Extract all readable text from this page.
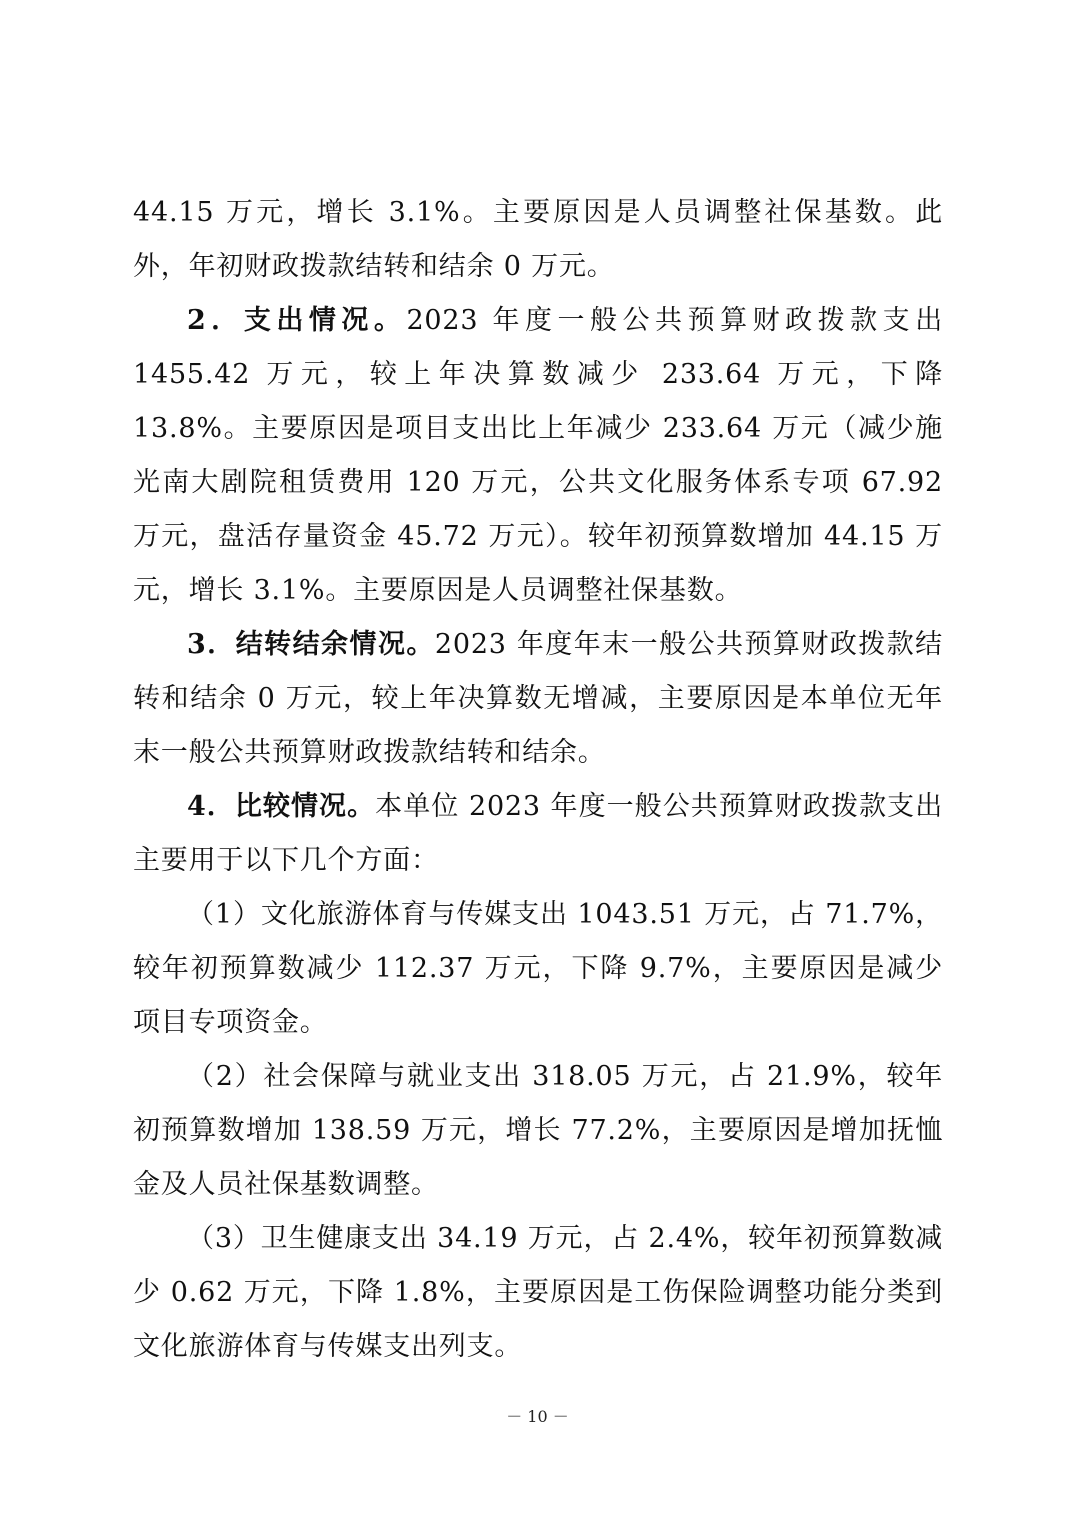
44.15 万元，增长 3.1%。主要原因是人员调整社保基数。此外，年初财政拨款结转和结余 0 万元。

2．支出情况。2023 年度一般公共预算财政拨款支出 1455.42 万元，较上年决算数减少 233.64 万元，下降 13.8%。主要原因是项目支出比上年减少 233.64 万元（减少施光南大剧院租赁费用 120 万元，公共文化服务体系专项 67.92 万元，盘活存量资金 45.72 万元）。较年初预算数增加 44.15 万元，增长 3.1%。主要原因是人员调整社保基数。

3．结转结余情况。2023 年度年末一般公共预算财政拨款结转和结余 0 万元，较上年决算数无增减，主要原因是本单位无年末一般公共预算财政拨款结转和结余。

4．比较情况。本单位 2023 年度一般公共预算财政拨款支出主要用于以下几个方面：

（1）文化旅游体育与传媒支出 1043.51 万元，占 71.7%，较年初预算数减少 112.37 万元，下降 9.7%，主要原因是减少项目专项资金。

（2）社会保障与就业支出 318.05 万元，占 21.9%，较年初预算数增加 138.59 万元，增长 77.2%，主要原因是增加抚恤金及人员社保基数调整。

（3）卫生健康支出 34.19 万元，占 2.4%，较年初预算数减少 0.62 万元，下降 1.8%，主要原因是工伤保险调整功能分类到文化旅游体育与传媒支出列支。

－ 10 －
